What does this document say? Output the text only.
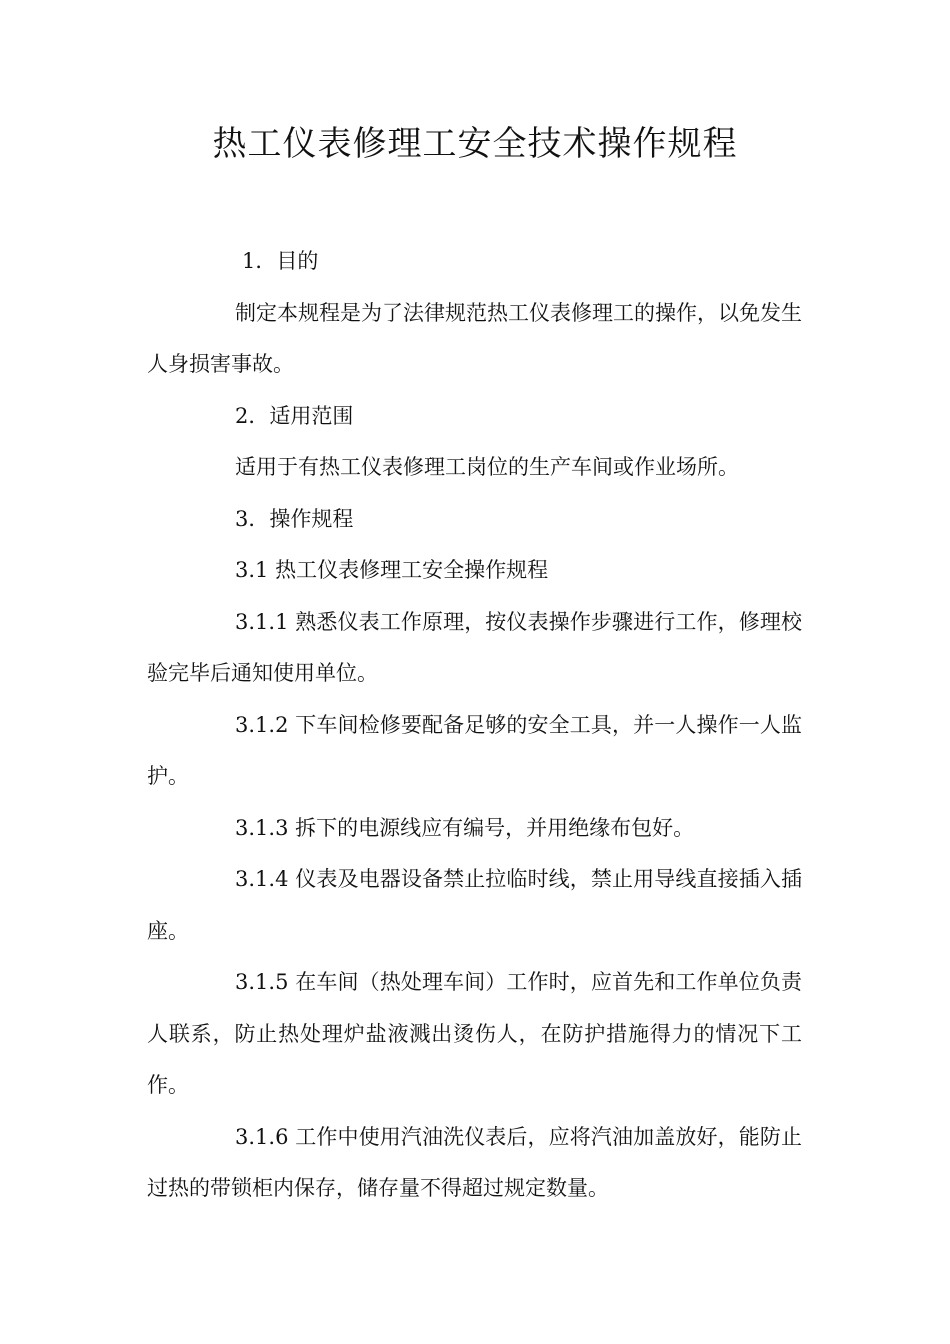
热工仪表修理工安全技术操作规程

1．目的

制定本规程是为了法律规范热工仪表修理工的操作，以免发生人身损害事故。

2．适用范围

适用于有热工仪表修理工岗位的生产车间或作业场所。

3．操作规程

3.1 热工仪表修理工安全操作规程

3.1.1 熟悉仪表工作原理，按仪表操作步骤进行工作，修理校验完毕后通知使用单位。

3.1.2 下车间检修要配备足够的安全工具，并一人操作一人监护。

3.1.3 拆下的电源线应有编号，并用绝缘布包好。

3.1.4 仪表及电器设备禁止拉临时线，禁止用导线直接插入插座。

3.1.5 在车间（热处理车间）工作时，应首先和工作单位负责人联系，防止热处理炉盐液溅出烫伤人，在防护措施得力的情况下工作。

3.1.6 工作中使用汽油洗仪表后，应将汽油加盖放好，能防止过热的带锁柜内保存，储存量不得超过规定数量。
